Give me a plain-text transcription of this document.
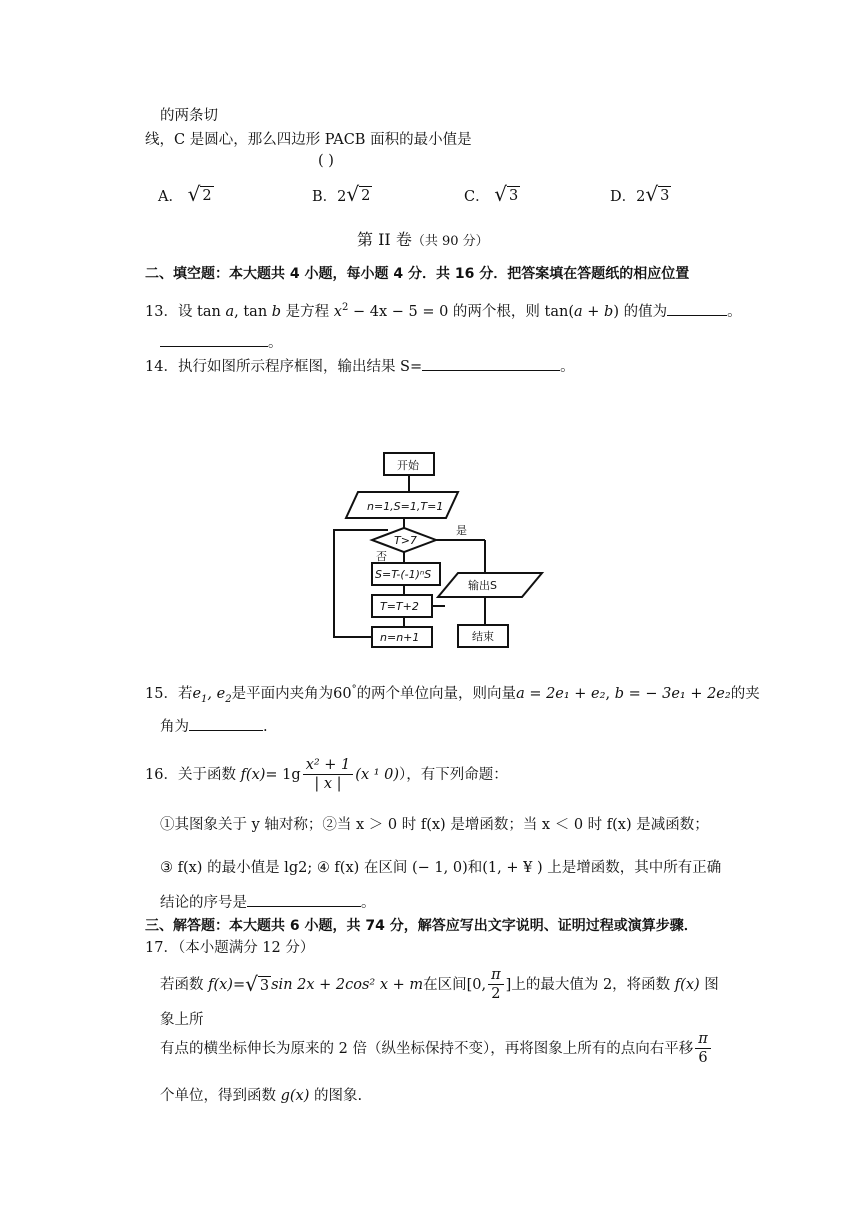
的两条切
线，C 是圆心，那么四边形 PACB 面积的最小值是
( )
A． √ 2	B．2 √ 2	C． √ 3	D．2 √ 3
第 II 卷（共 90 分）
二、填空题：本大题共 4 小题，每小题 4 分．共 16 分．把答案填在答题纸的相应位置
13．设 tan a, tan b 是方程 $x^2 - 4x - 5 = 0$ 的两个根，则 tan(a + b) 的值为	。
。
14．执行如图所示程序框图，输出结果 S=	。
开始
n=1,S=1,T=1
T>7
是
否
S=T-(-1)ⁿS
T=T+2
n=n+1
输出S
结束
15．若$e_1$, $e_2$是平面内夹角为60°的两个单位向量，则向量a = 2e₁ + e₂, b = − 3e₁ + 2e₂的夹
角为	.
16． 关于函数
$f(x) = 1g \frac{\text{x² + 1}}{| x |} (x$ ¹ 0) ），有下列命题：
①其图象关于 y 轴对称；②当 x ＞ 0 时 f(x) 是增函数；当 x ＜ 0 时 f(x) 是减函数；
③ f(x) 的最小值是 lg2; ④ f(x) 在区间 (− 1, 0)和(1, + ¥ ) 上是增函数，其中所有正确
结论的序号是	。
三、解答题：本大题共 6 小题，共 74 分，解答应写出文字说明、证明过程或演算步骤．
17．（本小题满分 12 分）
若函数
f(x) = √ 3 sin 2x + 2cos² x + m 在区间 [0, $\frac{\pi}{2}$ ] 上的最大值为 2，将函数
f(x)
图
象上所
有点的横坐标伸长为原来的 2 倍（纵坐标保持不变），再将图象上所有的点向右平移 $\frac{\pi}{6}$
个单位，得到函数 g(x) 的图象.
